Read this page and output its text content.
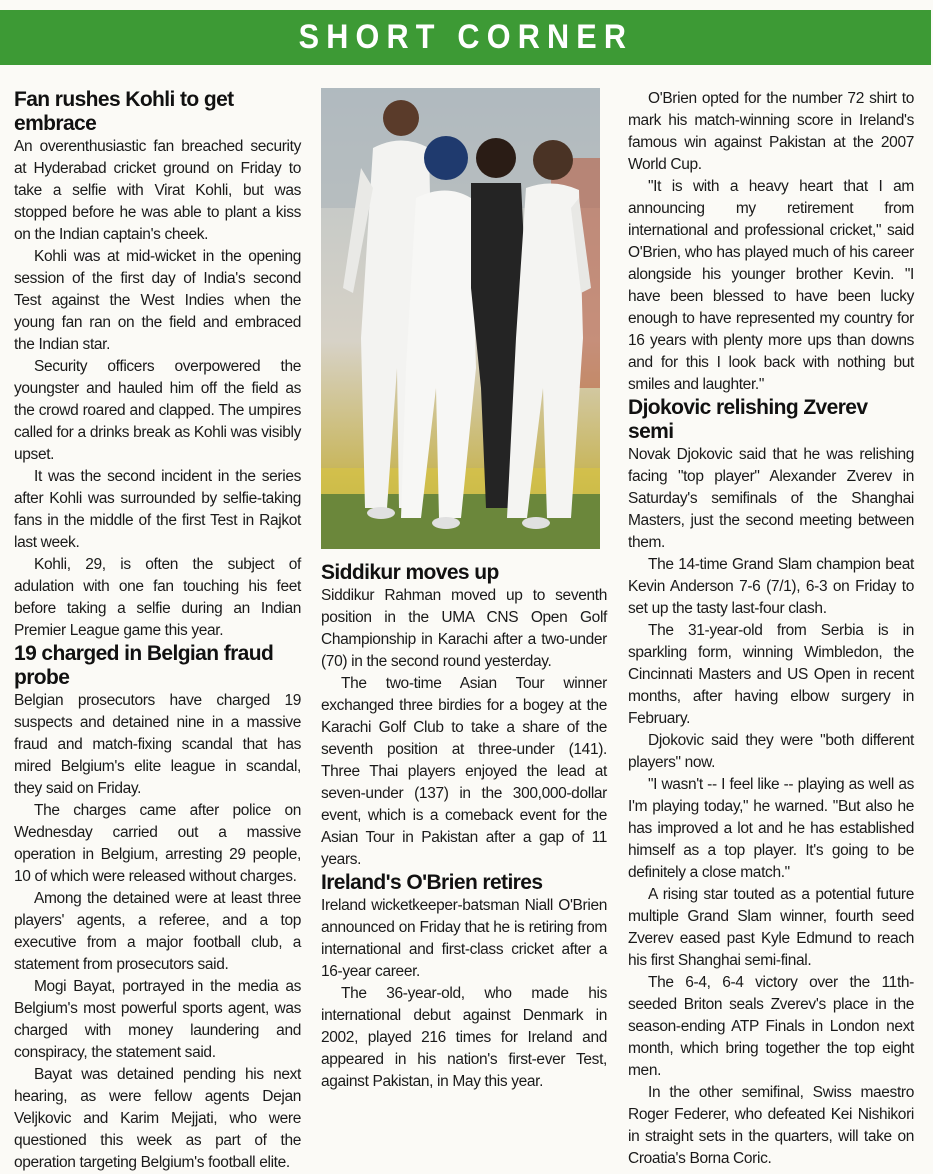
SHORT CORNER
Fan rushes Kohli to get embrace

An overenthusiastic fan breached security at Hyderabad cricket ground on Friday to take a selfie with Virat Kohli, but was stopped before he was able to plant a kiss on the Indian captain's cheek.

Kohli was at mid-wicket in the opening session of the first day of India's second Test against the West Indies when the young fan ran on the field and embraced the Indian star.

Security officers overpowered the youngster and hauled him off the field as the crowd roared and clapped. The umpires called for a drinks break as Kohli was visibly upset.

It was the second incident in the series after Kohli was surrounded by selfie-taking fans in the middle of the first Test in Rajkot last week.

Kohli, 29, is often the subject of adulation with one fan touching his feet before taking a selfie during an Indian Premier League game this year.

19 charged in Belgian fraud probe

Belgian prosecutors have charged 19 suspects and detained nine in a massive fraud and match-fixing scandal that has mired Belgium's elite league in scandal, they said on Friday.

The charges came after police on Wednesday carried out a massive operation in Belgium, arresting 29 people, 10 of which were released without charges.

Among the detained were at least three players' agents, a referee, and a top executive from a major football club, a statement from prosecutors said.

Mogi Bayat, portrayed in the media as Belgium's most powerful sports agent, was charged with money laundering and conspiracy, the statement said.

Bayat was detained pending his next hearing, as were fellow agents Dejan Veljkovic and Karim Mejjati, who were questioned this week as part of the operation targeting Belgium's football elite.

Siddikur moves up

Siddikur Rahman moved up to seventh position in the UMA CNS Open Golf Championship in Karachi after a two-under (70) in the second round yesterday.

The two-time Asian Tour winner exchanged three birdies for a bogey at the Karachi Golf Club to take a share of the seventh position at three-under (141). Three Thai players enjoyed the lead at seven-under (137) in the 300,000-dollar event, which is a comeback event for the Asian Tour in Pakistan after a gap of 11 years.

Ireland's O'Brien retires

Ireland wicketkeeper-batsman Niall O'Brien announced on Friday that he is retiring from international and first-class cricket after a 16-year career.

The 36-year-old, who made his international debut against Denmark in 2002, played 216 times for Ireland and appeared in his nation's first-ever Test, against Pakistan, in May this year.

O'Brien opted for the number 72 shirt to mark his match-winning score in Ireland's famous win against Pakistan at the 2007 World Cup.

"It is with a heavy heart that I am announcing my retirement from international and professional cricket," said O'Brien, who has played much of his career alongside his younger brother Kevin. "I have been blessed to have been lucky enough to have represented my country for 16 years with plenty more ups than downs and for this I look back with nothing but smiles and laughter."

Djokovic relishing Zverev semi

Novak Djokovic said that he was relishing facing "top player" Alexander Zverev in Saturday's semifinals of the Shanghai Masters, just the second meeting between them.

The 14-time Grand Slam champion beat Kevin Anderson 7-6 (7/1), 6-3 on Friday to set up the tasty last-four clash.

The 31-year-old from Serbia is in sparkling form, winning Wimbledon, the Cincinnati Masters and US Open in recent months, after having elbow surgery in February.

Djokovic said they were "both different players" now.

"I wasn't -- I feel like -- playing as well as I'm playing today," he warned. "But also he has improved a lot and he has established himself as a top player. It's going to be definitely a close match."

A rising star touted as a potential future multiple Grand Slam winner, fourth seed Zverev eased past Kyle Edmund to reach his first Shanghai semi-final.

The 6-4, 6-4 victory over the 11th-seeded Briton seals Zverev's place in the season-ending ATP Finals in London next month, which bring together the top eight men.

In the other semifinal, Swiss maestro Roger Federer, who defeated Kei Nishikori in straight sets in the quarters, will take on Croatia's Borna Coric.
